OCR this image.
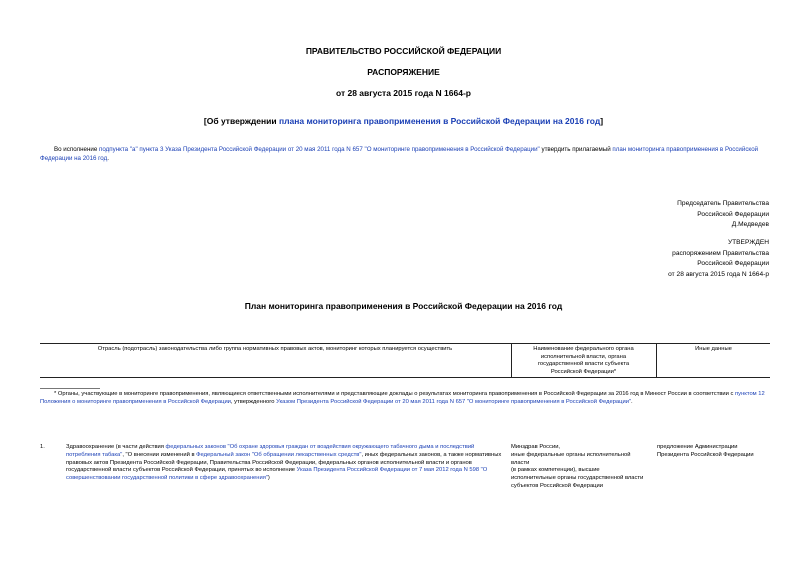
ПРАВИТЕЛЬСТВО РОССИЙСКОЙ ФЕДЕРАЦИИ
РАСПОРЯЖЕНИЕ
от 28 августа 2015 года N 1664-р
[Об утверждении плана мониторинга правоприменения в Российской Федерации на 2016 год]

Во исполнение подпункта "а" пункта 3 Указа Президента Российской Федерации от 20 мая 2011 года N 657 "О мониторинге правоприменения в Российской Федерации" утвердить прилагаемый план мониторинга правоприменения в Российской Федерации на 2016 год.

Председатель Правительства
Российской Федерации
Д.Медведев
УТВЕРЖДЕН
распоряжением Правительства
Российской Федерации
от 28 августа 2015 года N 1664-р
План мониторинга правоприменения в Российской Федерации на 2016 год
Отрасль (подотрасль) законодательства либо группа нормативных правовых актов, мониторинг которых планируется осуществить	Наименование федерального органа исполнительной власти, органа государственной власти субъекта Российской Федерации*
Иные данные

* Органы, участвующие в мониторинге правоприменения, являющиеся ответственными исполнителями и представляющие доклады о результатах мониторинга правоприменения в Российской Федерации за 2016 год в Минюст России в соответствии с пунктом 12 Положения о мониторинге правоприменения в Российской Федерации, утвержденного Указом Президента Российской Федерации от 20 мая 2011 года N 657 "О мониторинге правоприменения в Российской Федерации".

1.	Здравоохранение (в части действия федеральных законов "Об охране здоровья граждан от воздействия окружающего табачного дыма и последствий потребления табака", "О внесении изменений в Федеральный закон "Об обращении лекарственных средств", иных федеральных законов, а также нормативных правовых актов Президента Российской Федерации, Правительства Российской Федерации, федеральных органов исполнительной власти и органов государственной власти субъектов Российской Федерации, принятых во исполнение Указа Президента Российской Федерации от 7 мая 2012 года N 598 "О совершенствовании государственной политики в сфере здравоохранения")
Минздрав России,
иные федеральные органы исполнительной власти
(в рамках компетенции), высшие исполнительные органы государственной власти субъектов Российской Федерации
предложение Администрации Президента Российской Федерации
